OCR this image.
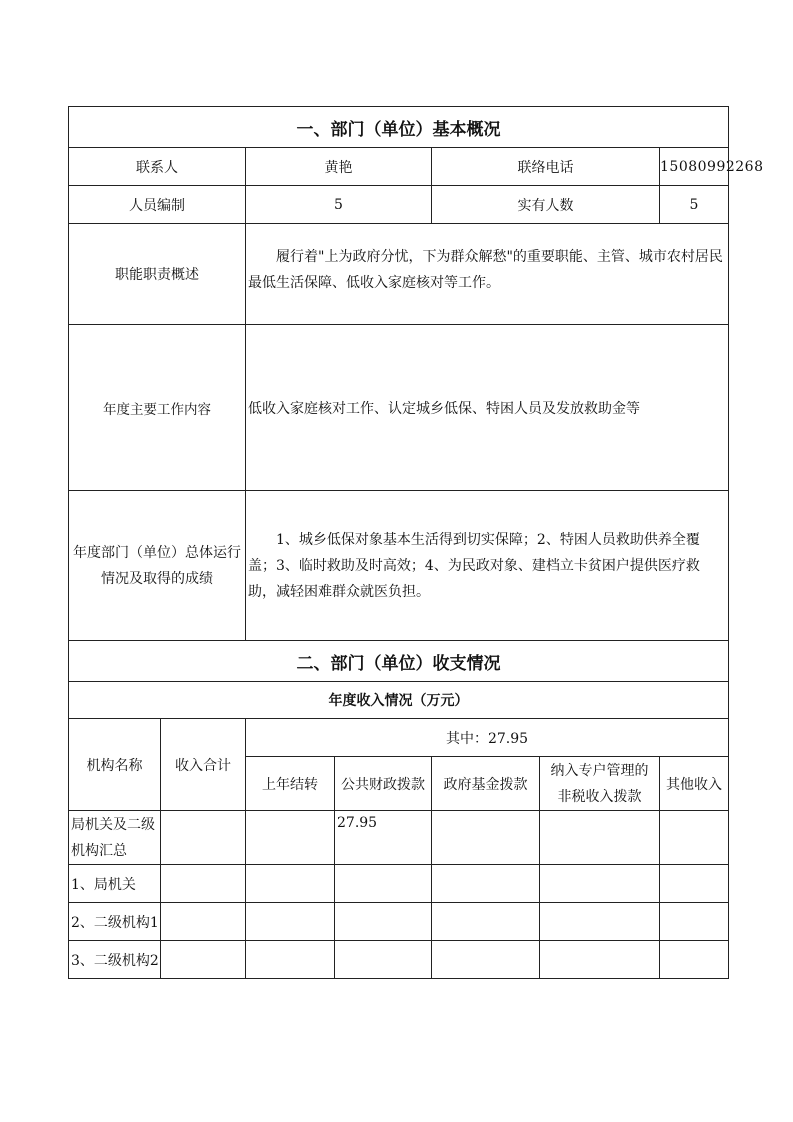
一、部门（单位）基本概况						
联系人		黄艳		联络电话		15080992268
人员编制		5		实有人数		5
职能职责概述		履行着"上为政府分忧，下为群众解愁"的重要职能、主管、城市农村居民最低生活保障、低收入家庭核对等工作。				
年度主要工作内容		低收入家庭核对工作、认定城乡低保、特困人员及发放救助金等				
年度部门（单位）总体运行情况及取得的成绩		1、城乡低保对象基本生活得到切实保障；2、特困人员救助供养全覆盖；3、临时救助及时高效；4、为民政对象、建档立卡贫困户提供医疗救助，减轻困难群众就医负担。				
二、部门（单位）收支情况						
年度收入情况（万元）						
机构名称	收入合计	其中：27.95				
		上年结转	公共财政拨款	政府基金拨款	纳入专户管理的非税收入拨款	其他收入
局机关及二级机构汇总			27.95			
1、局机关						
2、二级机构1						
3、二级机构2						
